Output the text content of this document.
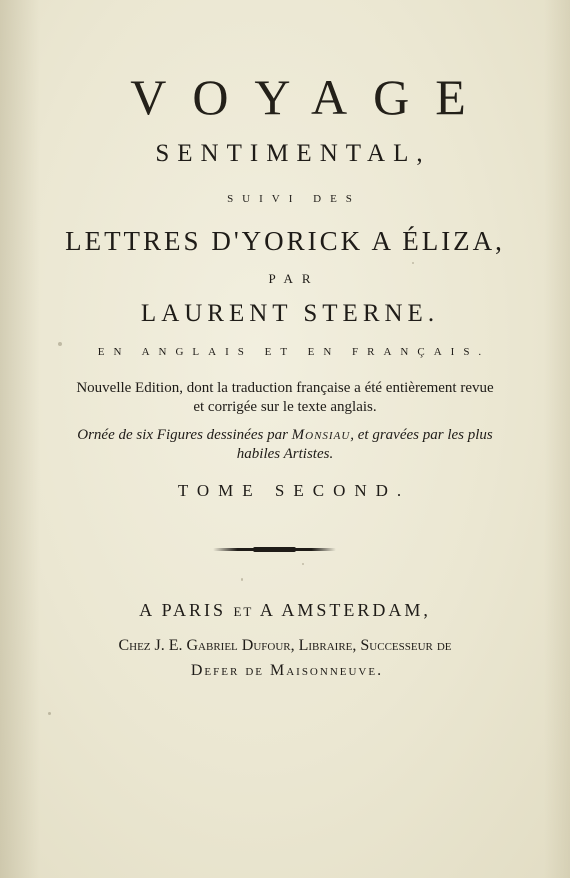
VOYAGE
SENTIMENTAL,
SUIVI DES
LETTRES D'YORICK A ÉLIZA,
PAR
LAURENT STERNE.
EN ANGLAIS ET EN FRANÇAIS.
Nouvelle Edition, dont la traduction française a été entièrement revue
et corrigée sur le texte anglais.
Ornée de six Figures dessinées par Monsiau, et gravées par les plus
habiles Artistes.
TOME SECOND.
A PARIS ET A AMSTERDAM,
Chez J. E. Gabriel Dufour, Libraire, Successeur de
Defer de Maisonneuve.
